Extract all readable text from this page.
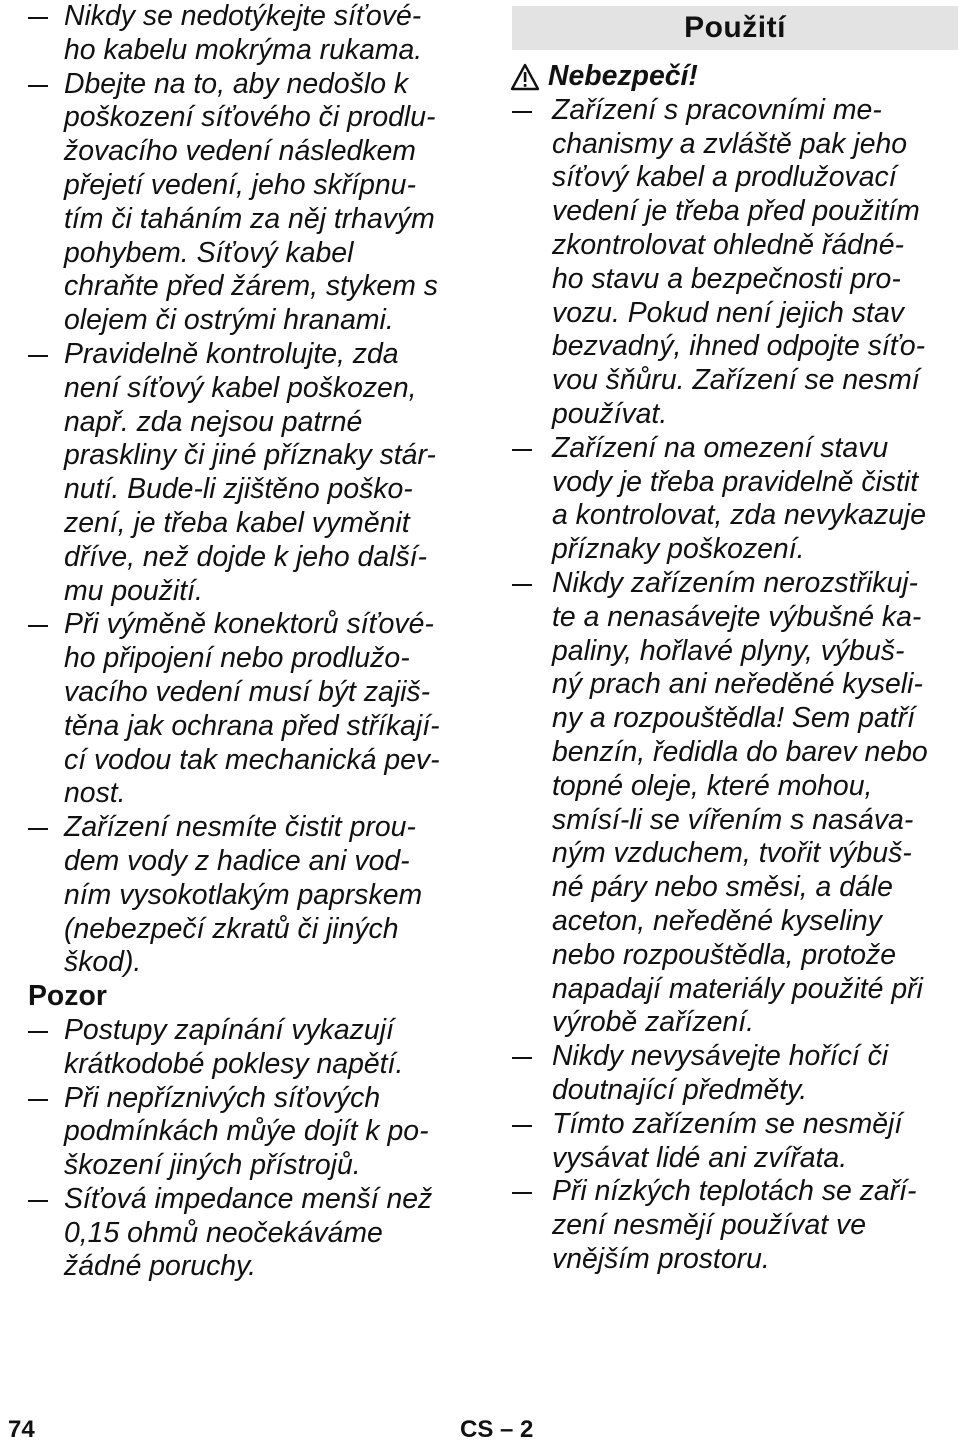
Nikdy se nedotýkejte síťové-
ho kabelu mokrýma rukama.
Dbejte na to, aby nedošlo k
poškození síťového či prodlu-
žovacího vedení následkem
přejetí vedení, jeho skřípnu-
tím či taháním za něj trhavým
pohybem. Síťový kabel
chraňte před žárem, stykem s
olejem či ostrými hranami.
Pravidelně kontrolujte, zda
není síťový kabel poškozen,
např. zda nejsou patrné
praskliny či jiné příznaky stár-
nutí. Bude-li zjištěno poško-
zení, je třeba kabel vyměnit
dříve, než dojde k jeho další-
mu použití.
Při výměně konektorů síťové-
ho připojení nebo prodlužo-
vacího vedení musí být zajiš-
těna jak ochrana před stříkají-
cí vodou tak mechanická pev-
nost.
Zařízení nesmíte čistit prou-
dem vody z hadice ani vod-
ním vysokotlakým paprskem
(nebezpečí zkratů či jiných
škod).
Pozor
Postupy zapínání vykazují
krátkodobé poklesy napětí.
Při nepříznivých síťových
podmínkách můýe dojít k po-
škození jiných přístrojů.
Síťová impedance menší než
0,15 ohmů neočekáváme
žádné poruchy.
Použití
Nebezpečí!
Zařízení s pracovními me-
chanismy a zvláště pak jeho
síťový kabel a prodlužovací
vedení je třeba před použitím
zkontrolovat ohledně řádné-
ho stavu a bezpečnosti pro-
vozu. Pokud není jejich stav
bezvadný, ihned odpojte síťo-
vou šňůru. Zařízení se nesmí
používat.
Zařízení na omezení stavu
vody je třeba pravidelně čistit
a kontrolovat, zda nevykazuje
příznaky poškození.
Nikdy zařízením nerozstřikuj-
te a nenasávejte výbušné ka-
paliny, hořlavé plyny, výbuš-
ný prach ani neředěné kyseli-
ny a rozpouštědla! Sem patří
benzín, ředidla do barev nebo
topné oleje, které mohou,
smísí-li se vířením s nasáva-
ným vzduchem, tvořit výbuš-
né páry nebo směsi, a dále
aceton, neředěné kyseliny
nebo rozpouštědla, protože
napadají materiály použité při
výrobě zařízení.
Nikdy nevysávejte hořící či
doutnající předměty.
Tímto zařízením se nesmějí
vysávat lidé ani zvířata.
Při nízkých teplotách se zaří-
zení nesmějí používat ve
vnějším prostoru.
74	CS – 2
